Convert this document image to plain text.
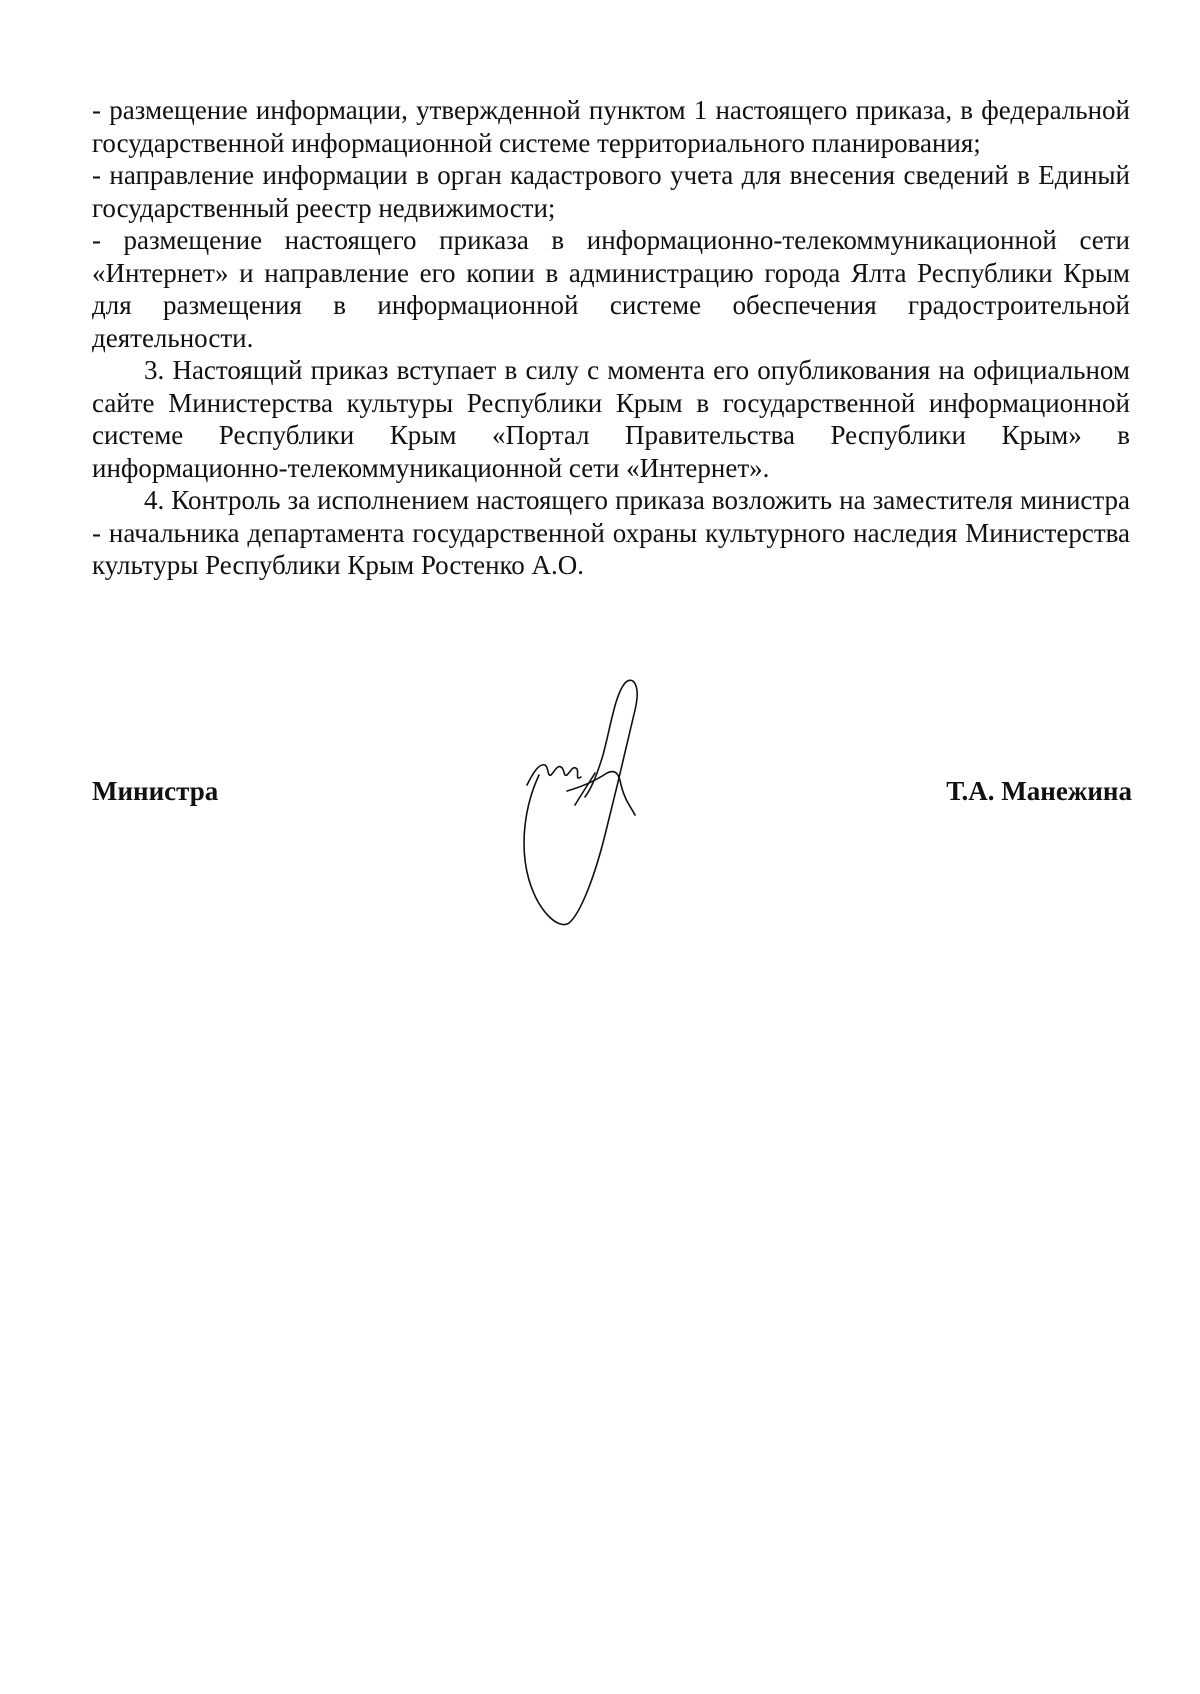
- размещение информации, утвержденной пунктом 1 настоящего приказа, в федеральной государственной информационной системе территориального планирования;

- направление информации в орган кадастрового учета для внесения сведений в Единый государственный реестр недвижимости;

- размещение настоящего приказа в информационно-телекоммуникационной сети «Интернет» и направление его копии в администрацию города Ялта Республики Крым для размещения в информационной системе обеспечения градостроительной деятельности.

3. Настоящий приказ вступает в силу с момента его опубликования на официальном сайте Министерства культуры Республики Крым в государственной информационной системе Республики Крым «Портал Правительства Республики Крым» в информационно-телекоммуникационной сети «Интернет».

4. Контроль за исполнением настоящего приказа возложить на заместителя министра - начальника департамента государственной охраны культурного наследия Министерства культуры Республики Крым Ростенко А.О.

Министра	Т.А. Манежина
